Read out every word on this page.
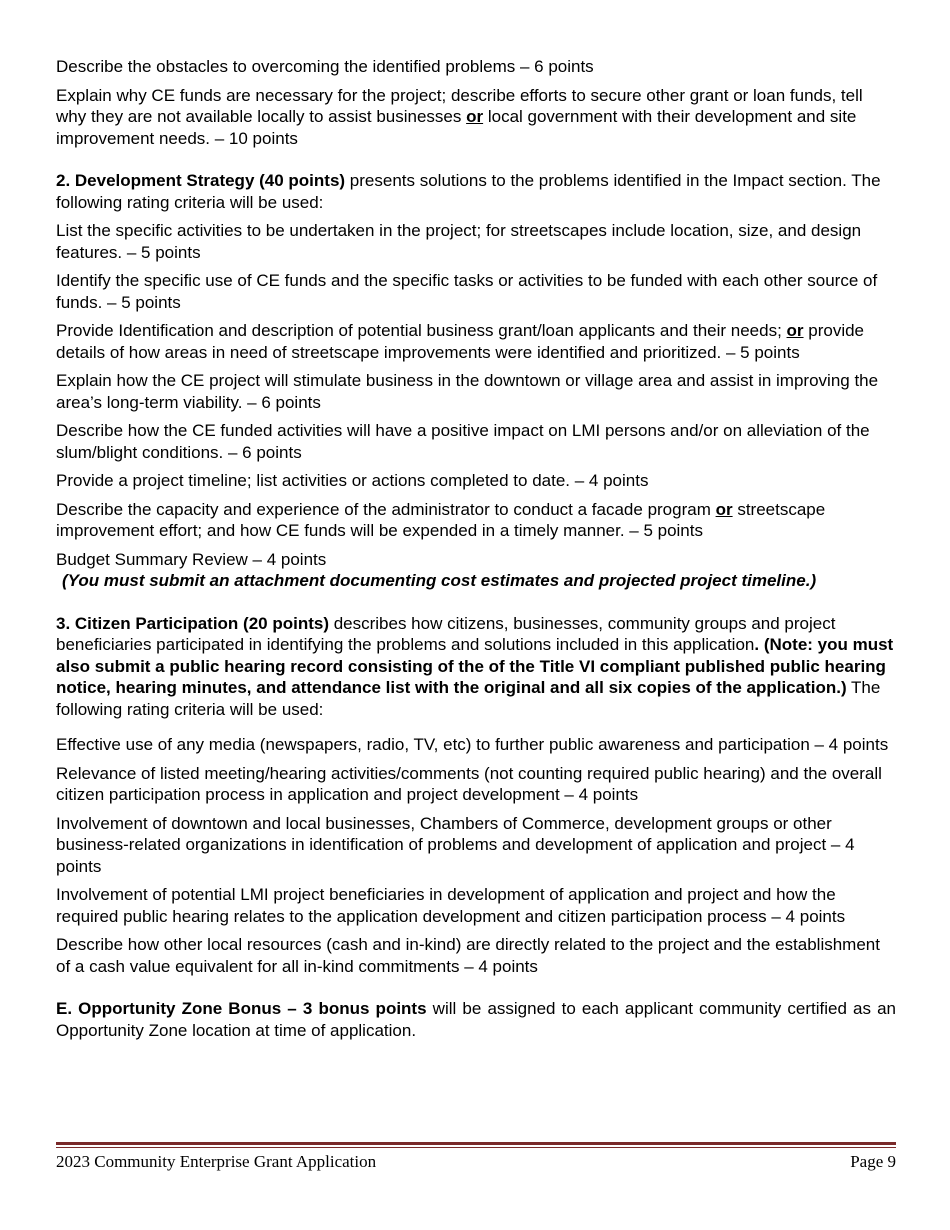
Describe the obstacles to overcoming the identified problems – 6 points

Explain why CE funds are necessary for the project; describe efforts to secure other grant or loan funds, tell why they are not available locally to assist businesses or local government with their development and site improvement needs. – 10 points

2. Development Strategy (40 points) presents solutions to the problems identified in the Impact section. The following rating criteria will be used:

List the specific activities to be undertaken in the project; for streetscapes include location, size, and design features. – 5 points

Identify the specific use of CE funds and the specific tasks or activities to be funded with each other source of funds. – 5 points

Provide Identification and description of potential business grant/loan applicants and their needs; or provide details of how areas in need of streetscape improvements were identified and prioritized. – 5 points

Explain how the CE project will stimulate business in the downtown or village area and assist in improving the area’s long-term viability. – 6 points

Describe how the CE funded activities will have a positive impact on LMI persons and/or on alleviation of the slum/blight conditions. – 6 points

Provide a project timeline; list activities or actions completed to date. – 4 points

Describe the capacity and experience of the administrator to conduct a facade program or streetscape improvement effort; and how CE funds will be expended in a timely manner. – 5 points

Budget Summary Review – 4 points
(You must submit an attachment documenting cost estimates and projected project timeline.)

3. Citizen Participation (20 points) describes how citizens, businesses, community groups and project beneficiaries participated in identifying the problems and solutions included in this application. (Note: you must also submit a public hearing record consisting of the of the Title VI compliant published public hearing notice, hearing minutes, and attendance list with the original and all six copies of the application.) The following rating criteria will be used:

Effective use of any media (newspapers, radio, TV, etc) to further public awareness and participation – 4 points

Relevance of listed meeting/hearing activities/comments (not counting required public hearing) and the overall citizen participation process in application and project development – 4 points

Involvement of downtown and local businesses, Chambers of Commerce, development groups or other business-related organizations in identification of problems and development of application and project – 4 points

Involvement of potential LMI project beneficiaries in development of application and project and how the required public hearing relates to the application development and citizen participation process – 4 points

Describe how other local resources (cash and in-kind) are directly related to the project and the establishment of a cash value equivalent for all in-kind commitments – 4 points

E. Opportunity Zone Bonus – 3 bonus points will be assigned to each applicant community certified as an Opportunity Zone location at time of application.

2023 Community Enterprise Grant Application	Page 9
